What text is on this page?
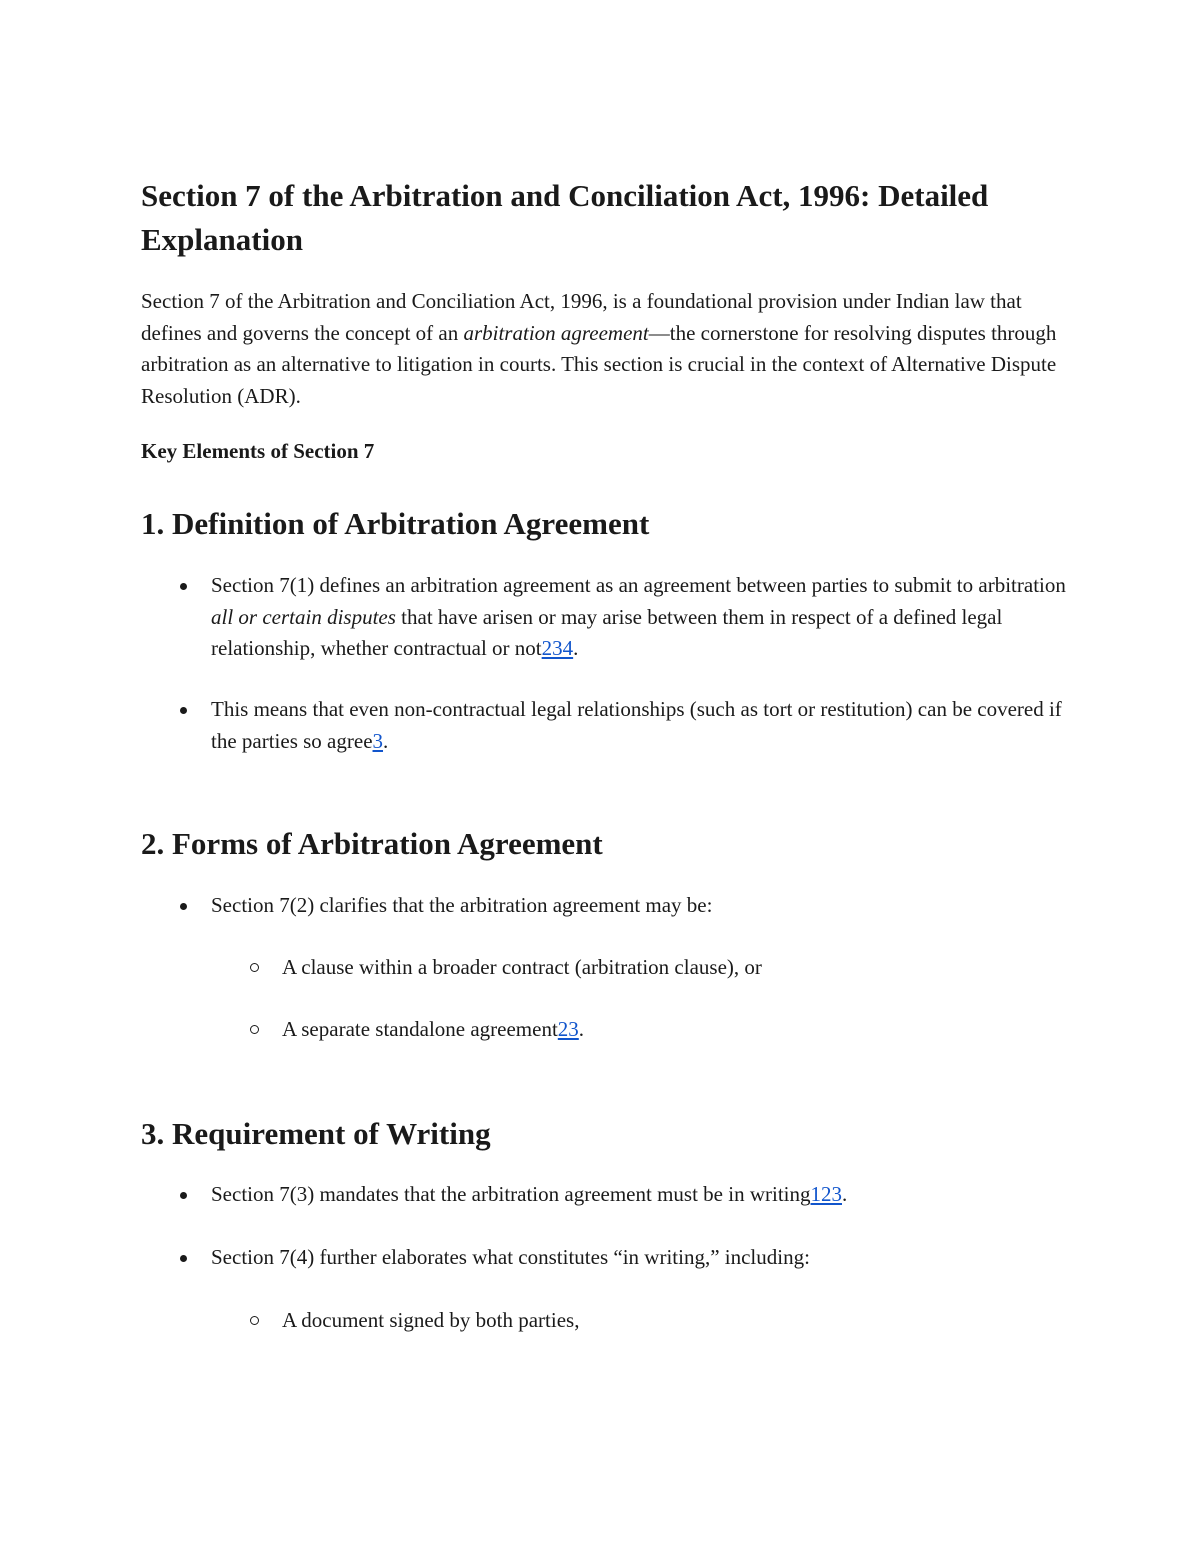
Section 7 of the Arbitration and Conciliation Act, 1996: Detailed Explanation

Section 7 of the Arbitration and Conciliation Act, 1996, is a foundational provision under Indian law that defines and governs the concept of an arbitration agreement—the cornerstone for resolving disputes through arbitration as an alternative to litigation in courts. This section is crucial in the context of Alternative Dispute Resolution (ADR).

Key Elements of Section 7

1. Definition of Arbitration Agreement

Section 7(1) defines an arbitration agreement as an agreement between parties to submit to arbitration all or certain disputes that have arisen or may arise between them in respect of a defined legal relationship, whether contractual or not234.

This means that even non-contractual legal relationships (such as tort or restitution) can be covered if the parties so agree3.

2. Forms of Arbitration Agreement

Section 7(2) clarifies that the arbitration agreement may be:

A clause within a broader contract (arbitration clause), or

A separate standalone agreement23.

3. Requirement of Writing

Section 7(3) mandates that the arbitration agreement must be in writing123.

Section 7(4) further elaborates what constitutes “in writing,” including:

A document signed by both parties,
